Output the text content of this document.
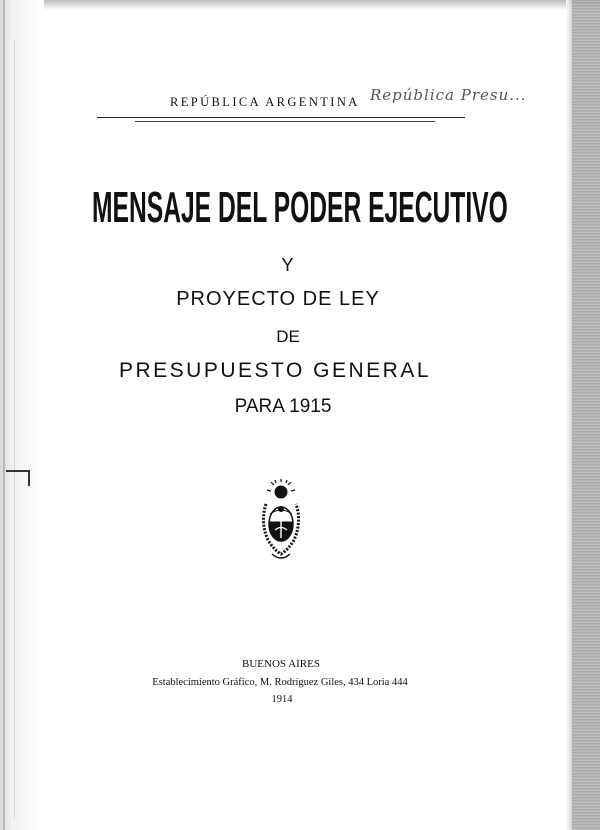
REPÚBLICA ARGENTINA República Presu...
MENSAJE DEL PODER EJECUTIVO
Y
PROYECTO DE LEY
DE
PRESUPUESTO GENERAL
PARA 1915
BUENOS AIRES
Establecimiento Gráfico, M. Rodríguez Giles, 434 Loria 444
1914
